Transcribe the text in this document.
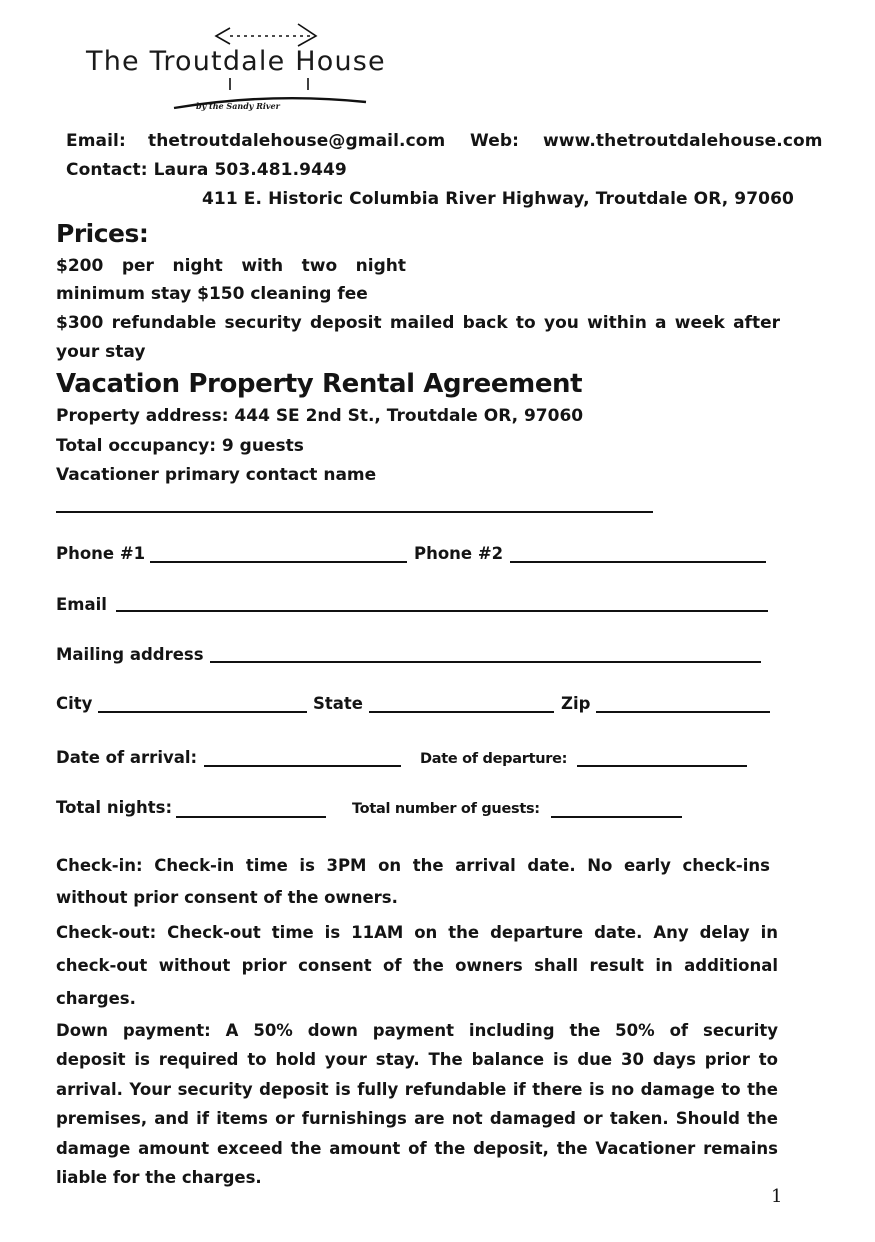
The Troutdale House
by the Sandy River
Email: thetroutdalehouse@gmail.com Web: www.thetroutdalehouse.com
Contact: Laura 503.481.9449
411 E. Historic Columbia River Highway, Troutdale OR, 97060
Prices:
$200 per night with two night
minimum stay $150 cleaning fee
$300 refundable security deposit mailed back to you within a week after
your stay
Vacation Property Rental Agreement
Property address: 444 SE 2nd St., Troutdale OR, 97060
Total occupancy: 9 guests
Vacationer primary contact name
Phone #1	Phone #2
Email
Mailing address
City	State	Zip
Date of arrival:	Date of departure:
Total nights:	Total number of guests:
Check-in: Check-in time is 3PM on the arrival date. No early check-ins
without prior consent of the owners.
Check-out: Check-out time is 11AM on the departure date. Any delay in
check-out without prior consent of the owners shall result in additional
charges.
Down payment: A 50% down payment including the 50% of security
deposit is required to hold your stay. The balance is due 30 days prior to
arrival. Your security deposit is fully refundable if there is no damage to the
premises, and if items or furnishings are not damaged or taken. Should the
damage amount exceed the amount of the deposit, the Vacationer remains
liable for the charges.
1
